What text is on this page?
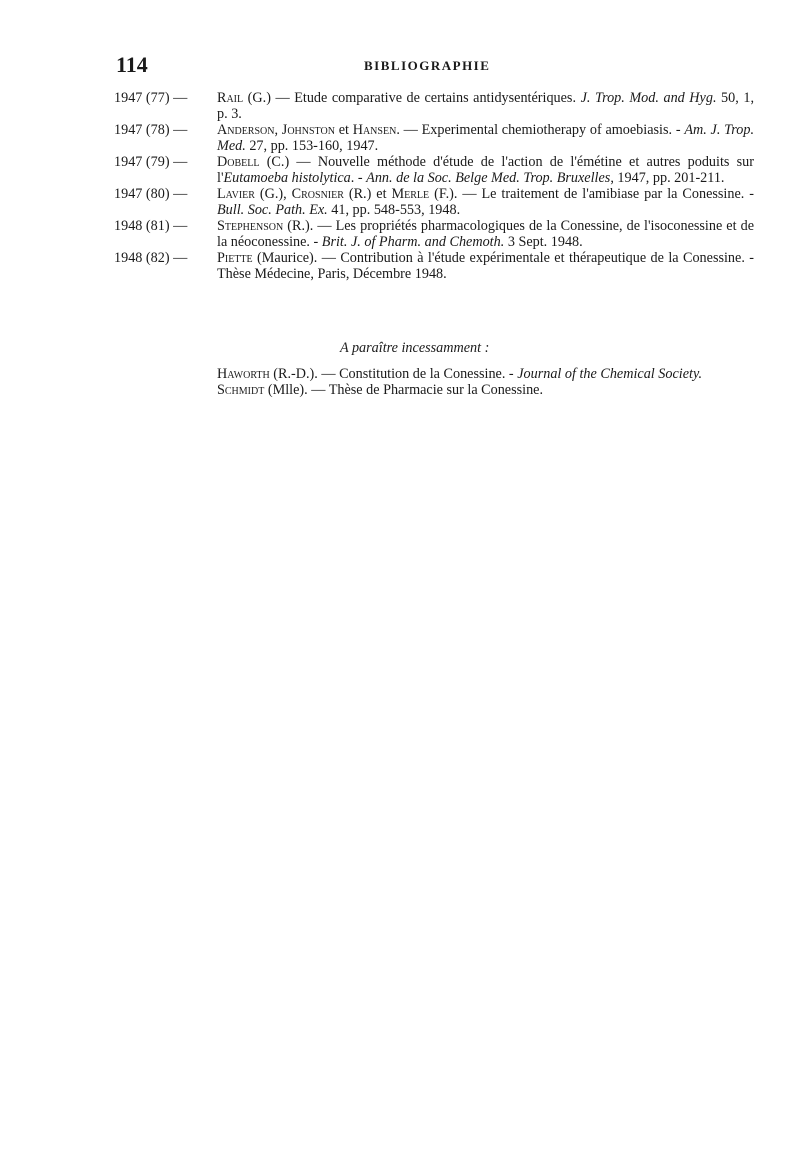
114	BIBLIOGRAPHIE
1947 (77) —	Rail (G.) — Etude comparative de certains antidysentériques. J. Trop. Mod. and Hyg. 50, 1, p. 3.
1947 (78) —	Anderson, Johnston et Hansen. — Experimental chemiotherapy of amoebiasis. - Am. J. Trop. Med. 27, pp. 153-160, 1947.
1947 (79) —	Dobell (C.) — Nouvelle méthode d'étude de l'action de l'émétine et autres poduits sur l'Eutamoeba histolytica. - Ann. de la Soc. Belge Med. Trop. Bruxelles, 1947, pp. 201-211.
1947 (80) —	Lavier (G.), Crosnier (R.) et Merle (F.). — Le traitement de l'amibiase par la Conessine. - Bull. Soc. Path. Ex. 41, pp. 548-553, 1948.
1948 (81) —	Stephenson (R.). — Les propriétés pharmacologiques de la Conessine, de l'isoconessine et de la néoconessine. - Brit. J. of Pharm. and Chemoth. 3 Sept. 1948.
1948 (82) —	Piette (Maurice). — Contribution à l'étude expérimentale et thérapeutique de la Conessine. - Thèse Médecine, Paris, Décembre 1948.
A paraître incessamment :
Haworth (R.-D.). — Constitution de la Conessine. - Journal of the Chemical Society.
Schmidt (Mlle). — Thèse de Pharmacie sur la Conessine.
